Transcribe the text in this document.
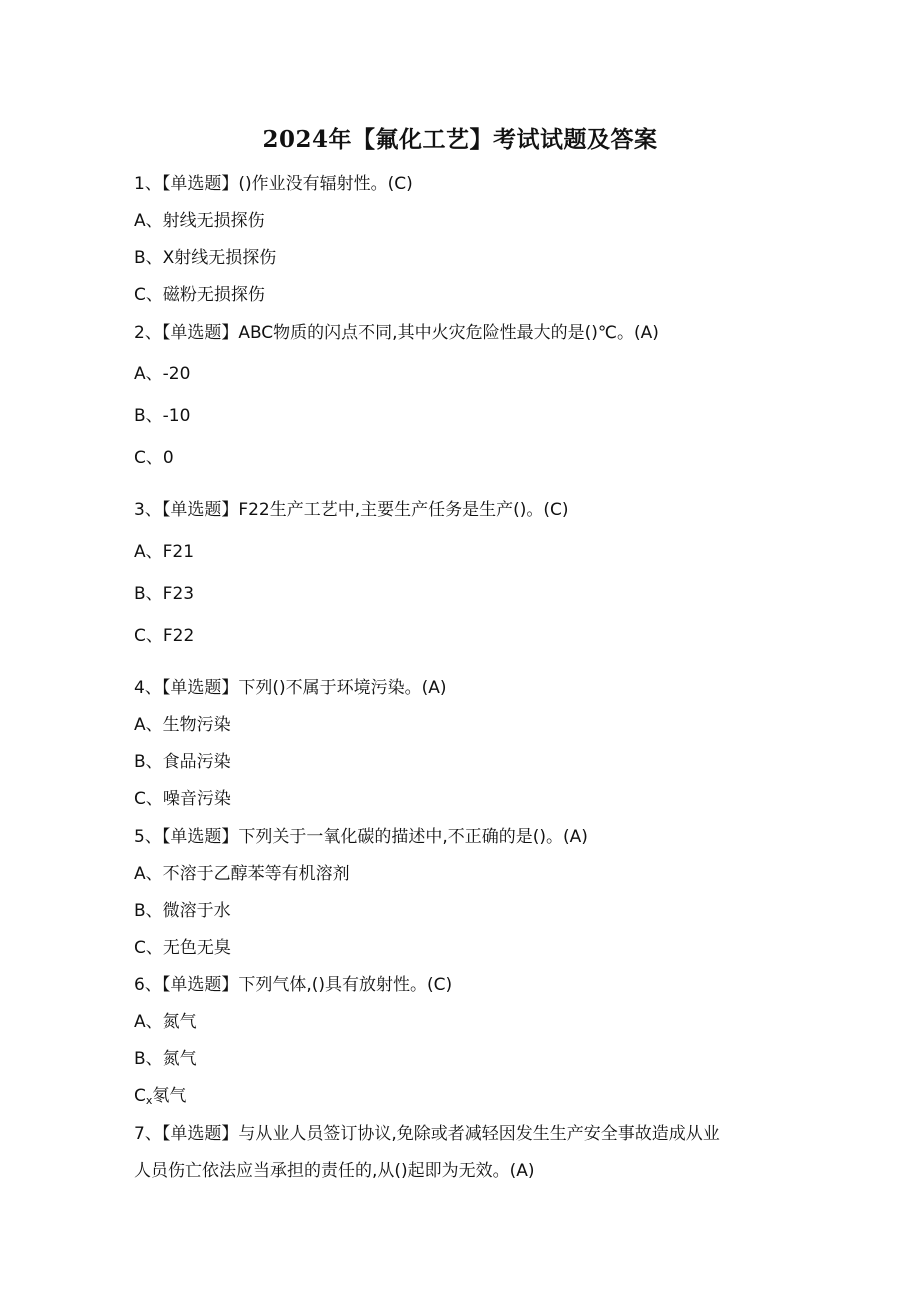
2024年【氟化工艺】考试试题及答案
1、【单选题】()作业没有辐射性。(C)
A、射线无损探伤
B、X射线无损探伤
C、磁粉无损探伤
2、【单选题】ABC物质的闪点不同,其中火灾危险性最大的是()℃。(A)
A、-20
B、-10
C、0
3、【单选题】F22生产工艺中,主要生产任务是生产()。(C)
A、F21
B、F23
C、F22
4、【单选题】下列()不属于环境污染。(A)
A、生物污染
B、食品污染
C、噪音污染
5、【单选题】下列关于一氧化碳的描述中,不正确的是()。(A)
A、不溶于乙醇苯等有机溶剂
B、微溶于水
C、无色无臭
6、【单选题】下列气体,()具有放射性。(C)
A、氮气
B、氮气
$C_x$氡气
7、【单选题】与从业人员签订协议,免除或者减轻因发生生产安全事故造成从业
人员伤亡依法应当承担的责任的,从()起即为无效。(A)
